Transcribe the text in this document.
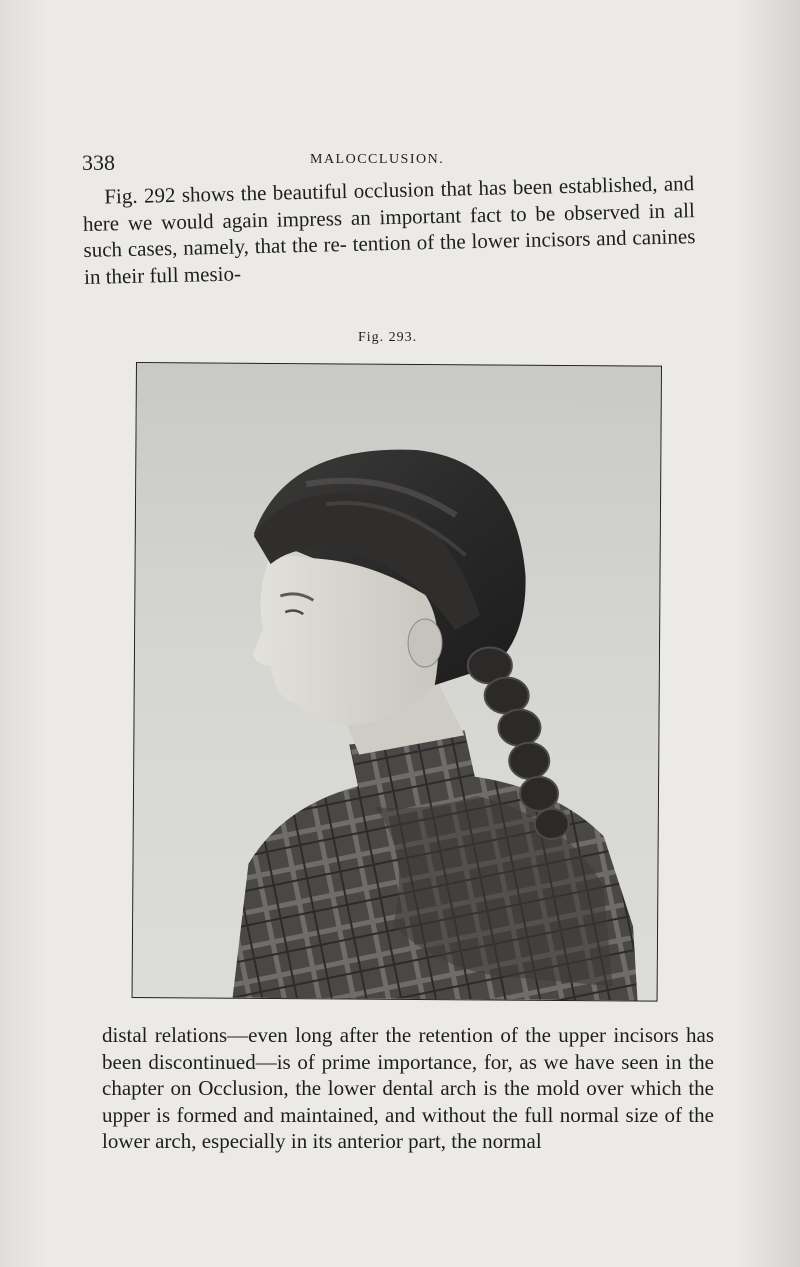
338	MALOCCLUSION.
Fig. 292 shows the beautiful occlusion that has been established, and here we would again impress an important fact to be observed in all such cases, namely, that the re- tention of the lower incisors and canines in their full mesio-
Fig. 293.
distal relations—even long after the retention of the upper incisors has been discontinued—is of prime importance, for, as we have seen in the chapter on Occlusion, the lower dental arch is the mold over which the upper is formed and maintained, and without the full normal size of the lower arch, especially in its anterior part, the normal
